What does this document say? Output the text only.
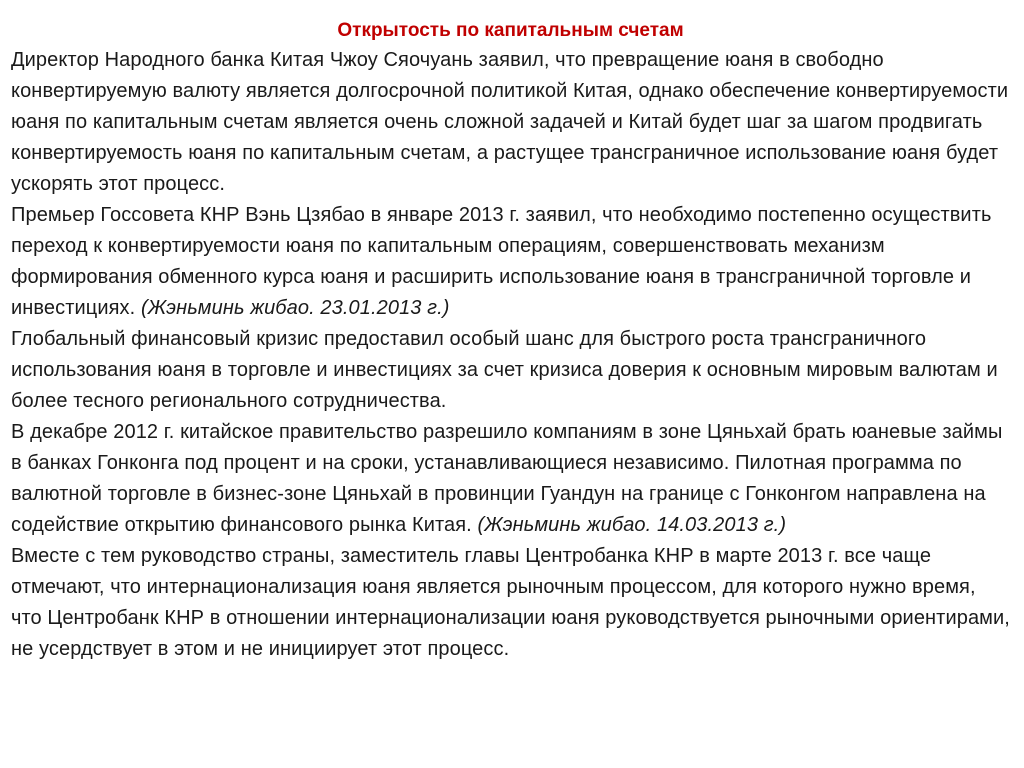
Открытость по капитальным счетам

Директор Народного банка Китая Чжоу Сяочуань заявил, что превращение юаня в свободно конвертируемую валюту является долгосрочной политикой Китая, однако обеспечение конвертируемости юаня по капитальным счетам является очень сложной задачей и Китай будет шаг за шагом продвигать конвертируемость юаня по капитальным счетам, а растущее трансграничное использование юаня будет ускорять этот процесс.

Премьер Госсовета КНР Вэнь Цзябао в январе 2013 г. заявил, что необходимо постепенно осуществить переход к конвертируемости юаня по капитальным операциям, совершенствовать механизм формирования обменного курса юаня и расширить использование юаня в трансграничной торговле и инвестициях. (Жэньминь жибао. 23.01.2013 г.)

Глобальный финансовый кризис предоставил особый шанс для быстрого роста трансграничного использования юаня в торговле и инвестициях за счет кризиса доверия к основным мировым валютам и более тесного регионального сотрудничества.

В декабре 2012 г. китайское правительство разрешило компаниям в зоне Цяньхай брать юаневые займы в банках Гонконга под процент и на сроки, устанавливающиеся независимо. Пилотная программа по валютной торговле в бизнес-зоне Цяньхай в провинции Гуандун на границе с Гонконгом направлена на содействие открытию финансового рынка Китая. (Жэньминь жибао. 14.03.2013 г.)

Вместе с тем руководство страны, заместитель главы Центробанка КНР в марте 2013 г. все чаще отмечают, что интернационализация юаня является рыночным процессом, для которого нужно время, что Центробанк КНР в отношении интернационализации юаня руководствуется рыночными ориентирами, не усердствует в этом и не инициирует этот процесс.
